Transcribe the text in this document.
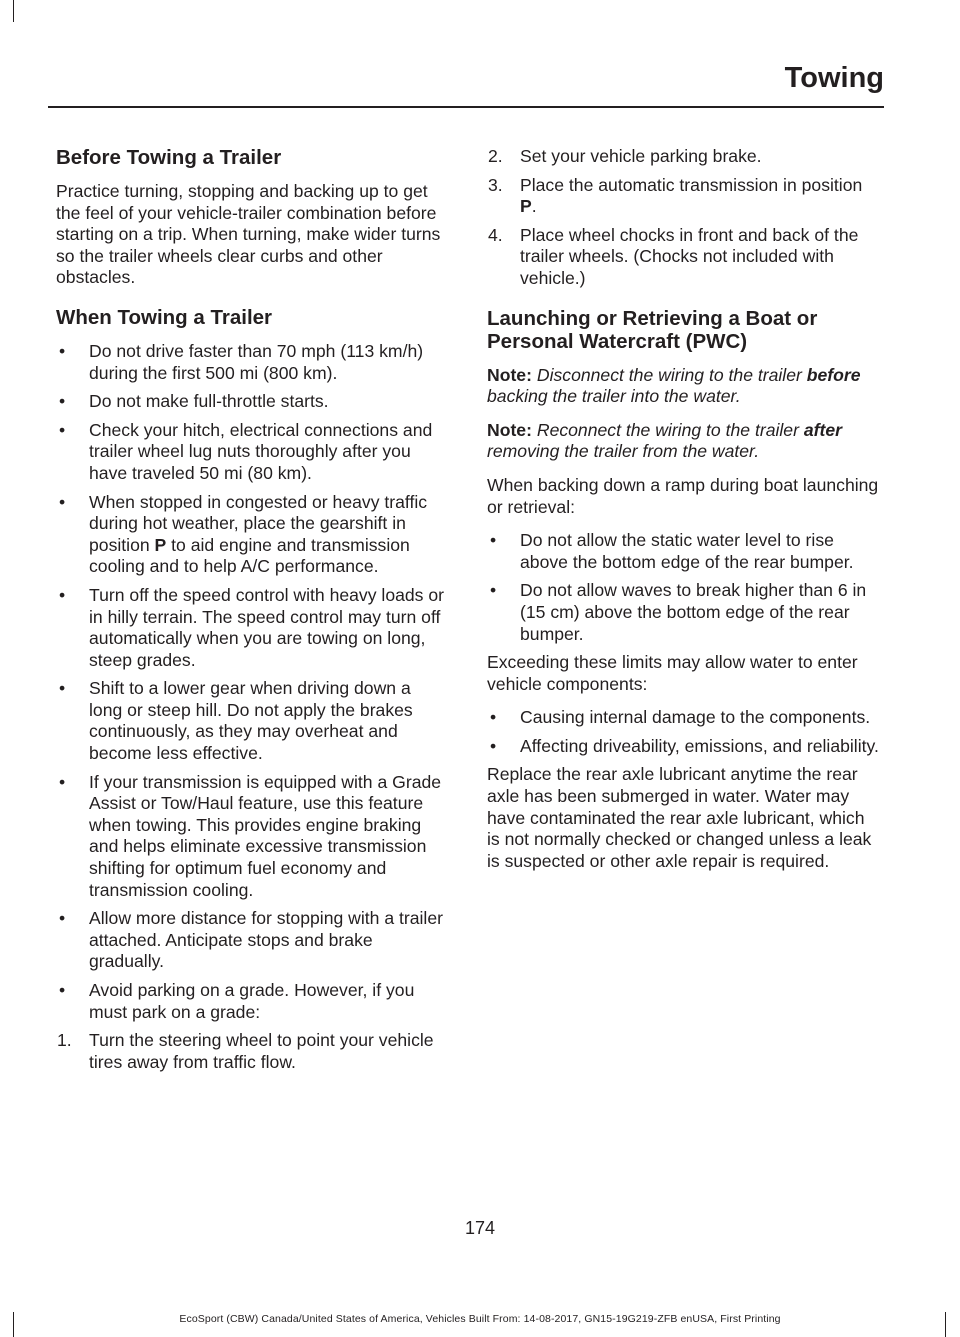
Towing
Before Towing a Trailer

Practice turning, stopping and backing up to get the feel of your vehicle-trailer combination before starting on a trip. When turning, make wider turns so the trailer wheels clear curbs and other obstacles.

When Towing a Trailer
• Do not drive faster than 70 mph (113 km/h) during the first 500 mi (800 km).
• Do not make full-throttle starts.
• Check your hitch, electrical connections and trailer wheel lug nuts thoroughly after you have traveled 50 mi (80 km).
• When stopped in congested or heavy traffic during hot weather, place the gearshift in position P to aid engine and transmission cooling and to help A/C performance.
• Turn off the speed control with heavy loads or in hilly terrain. The speed control may turn off automatically when you are towing on long, steep grades.
• Shift to a lower gear when driving down a long or steep hill. Do not apply the brakes continuously, as they may overheat and become less effective.
• If your transmission is equipped with a Grade Assist or Tow/Haul feature, use this feature when towing. This provides engine braking and helps eliminate excessive transmission shifting for optimum fuel economy and transmission cooling.
• Allow more distance for stopping with a trailer attached. Anticipate stops and brake gradually.
• Avoid parking on a grade. However, if you must park on a grade:
1. Turn the steering wheel to point your vehicle tires away from traffic flow.
2. Set your vehicle parking brake.
3. Place the automatic transmission in position P.
4. Place wheel chocks in front and back of the trailer wheels. (Chocks not included with vehicle.)
Launching or Retrieving a Boat or Personal Watercraft (PWC)

Note: Disconnect the wiring to the trailer before backing the trailer into the water.

Note: Reconnect the wiring to the trailer after removing the trailer from the water.

When backing down a ramp during boat launching or retrieval:

• Do not allow the static water level to rise above the bottom edge of the rear bumper.
• Do not allow waves to break higher than 6 in (15 cm) above the bottom edge of the rear bumper.

Exceeding these limits may allow water to enter vehicle components:

• Causing internal damage to the components.
• Affecting driveability, emissions, and reliability.

Replace the rear axle lubricant anytime the rear axle has been submerged in water. Water may have contaminated the rear axle lubricant, which is not normally checked or changed unless a leak is suspected or other axle repair is required.

174
EcoSport (CBW) Canada/United States of America, Vehicles Built From: 14-08-2017, GN15-19G219-ZFB enUSA, First Printing
